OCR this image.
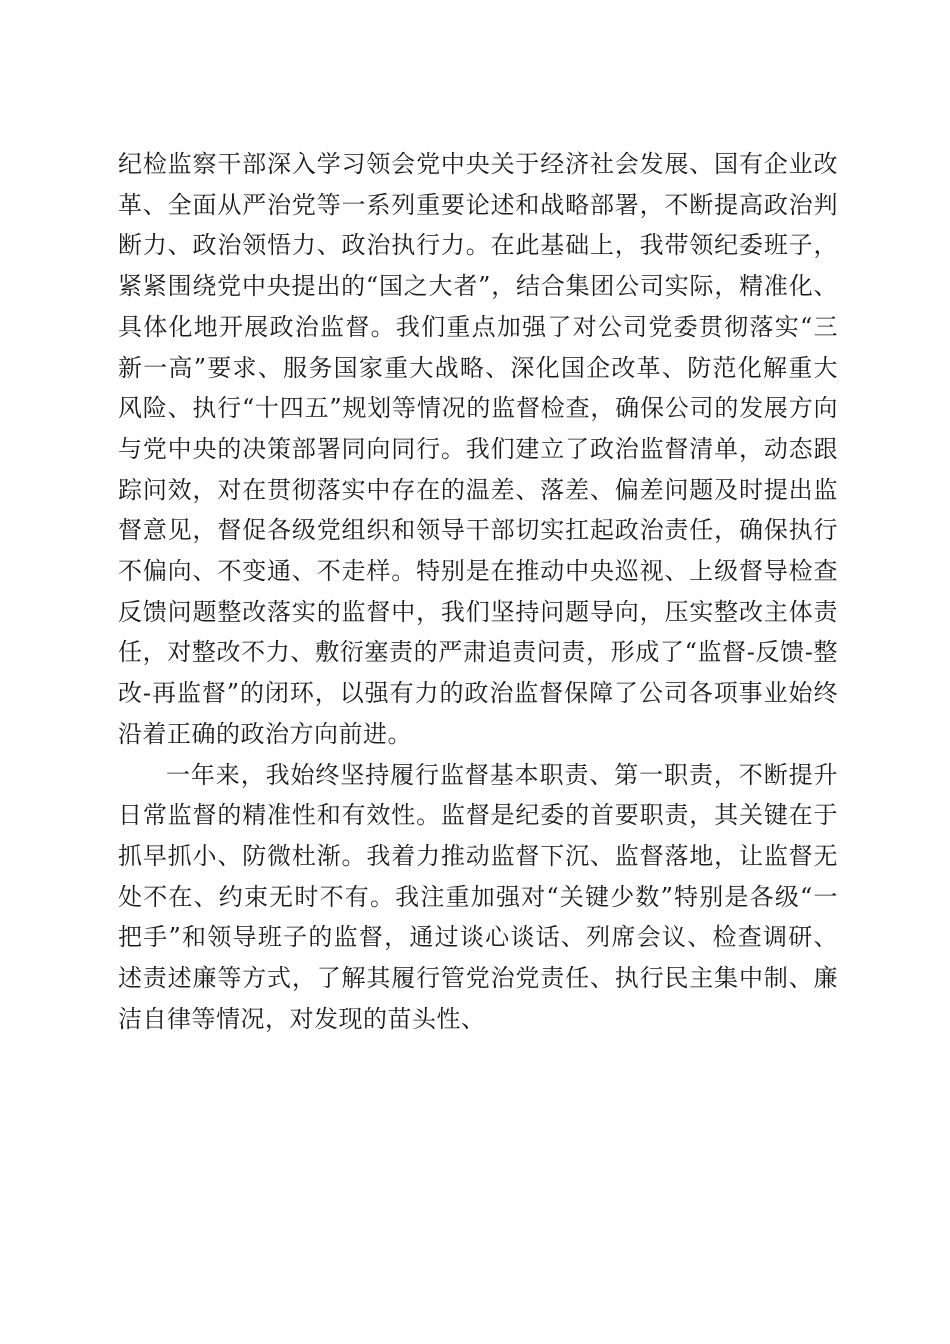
纪检监察干部深入学习领会党中央关于经济社会发展、国有企业改革、全面从严治党等一系列重要论述和战略部署，不断提高政治判断力、政治领悟力、政治执行力。在此基础上，我带领纪委班子，紧紧围绕党中央提出的“国之大者”，结合集团公司实际，精准化、具体化地开展政治监督。我们重点加强了对公司党委贯彻落实“三新一高”要求、服务国家重大战略、深化国企改革、防范化解重大风险、执行“十四五”规划等情况的监督检查，确保公司的发展方向与党中央的决策部署同向同行。我们建立了政治监督清单，动态跟踪问效，对在贯彻落实中存在的温差、落差、偏差问题及时提出监督意见，督促各级党组织和领导干部切实扛起政治责任，确保执行不偏向、不变通、不走样。特别是在推动中央巡视、上级督导检查反馈问题整改落实的监督中，我们坚持问题导向，压实整改主体责任，对整改不力、敷衍塞责的严肃追责问责，形成了“监督-反馈-整改-再监督”的闭环，以强有力的政治监督保障了公司各项事业始终沿着正确的政治方向前进。

一年来，我始终坚持履行监督基本职责、第一职责，不断提升日常监督的精准性和有效性。监督是纪委的首要职责，其关键在于抓早抓小、防微杜渐。我着力推动监督下沉、监督落地，让监督无处不在、约束无时不有。我注重加强对“关键少数”特别是各级“一把手”和领导班子的监督，通过谈心谈话、列席会议、检查调研、述责述廉等方式，了解其履行管党治党责任、执行民主集中制、廉洁自律等情况，对发现的苗头性、
